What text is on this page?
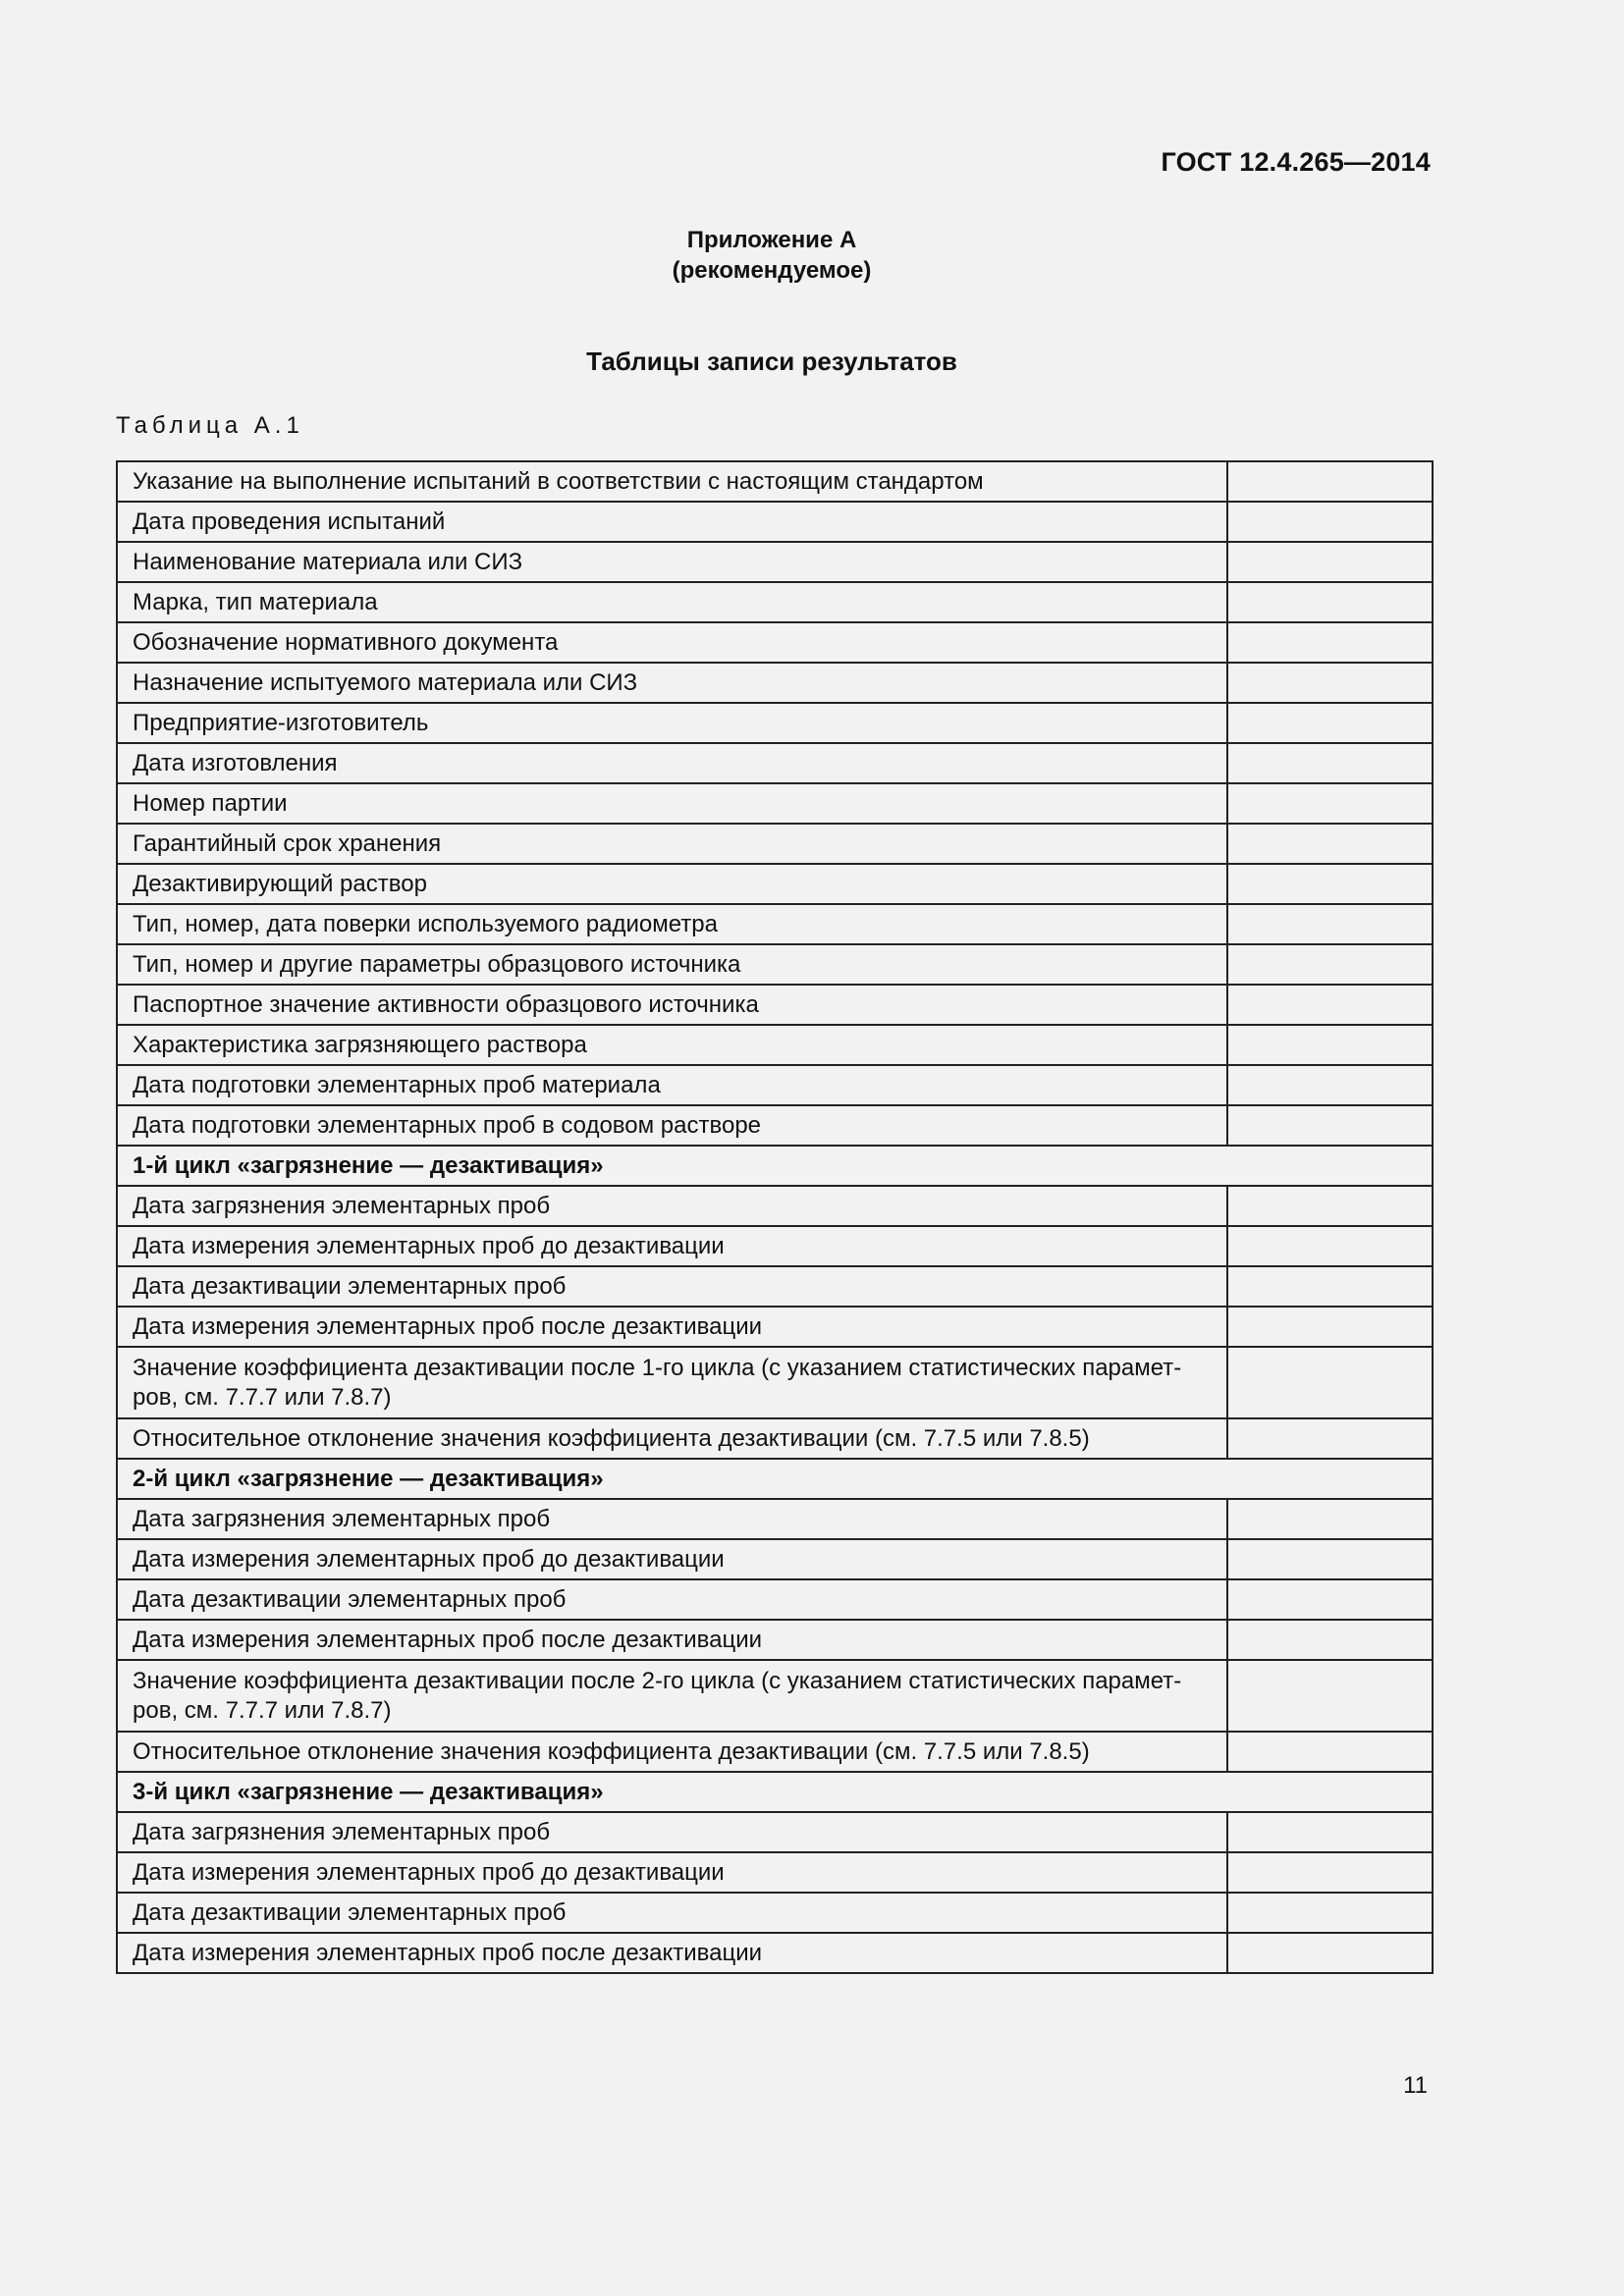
ГОСТ 12.4.265—2014
Приложение А
(рекомендуемое)
Таблицы записи результатов
Таблица А.1
Указание на выполнение испытаний в соответствии с настоящим стандартом	
Дата проведения испытаний	
Наименование материала или СИЗ	
Марка, тип материала	
Обозначение нормативного документа	
Назначение испытуемого материала или СИЗ	
Предприятие-изготовитель	
Дата изготовления	
Номер партии	
Гарантийный срок хранения	
Дезактивирующий раствор	
Тип, номер, дата поверки используемого радиометра	
Тип, номер и другие параметры образцового источника	
Паспортное значение активности образцового источника	
Характеристика загрязняющего раствора	
Дата подготовки элементарных проб материала	
Дата подготовки элементарных проб в содовом растворе	
1-й цикл «загрязнение — дезактивация»	
Дата загрязнения элементарных проб	
Дата измерения элементарных проб до дезактивации	
Дата дезактивации элементарных проб	
Дата измерения элементарных проб после дезактивации	
Значение коэффициента дезактивации после 1-го цикла (с указанием статистических парамет-ров, см. 7.7.7 или 7.8.7)	
Относительное отклонение значения коэффициента дезактивации (см. 7.7.5 или 7.8.5)	
2-й цикл «загрязнение — дезактивация»	
Дата загрязнения элементарных проб	
Дата измерения элементарных проб до дезактивации	
Дата дезактивации элементарных проб	
Дата измерения элементарных проб после дезактивации	
Значение коэффициента дезактивации после 2-го цикла (с указанием статистических парамет-ров, см. 7.7.7 или 7.8.7)	
Относительное отклонение значения коэффициента дезактивации (см. 7.7.5 или 7.8.5)	
3-й цикл «загрязнение — дезактивация»	
Дата загрязнения элементарных проб	
Дата измерения элементарных проб до дезактивации	
Дата дезактивации элементарных проб	
Дата измерения элементарных проб после дезактивации	
11
